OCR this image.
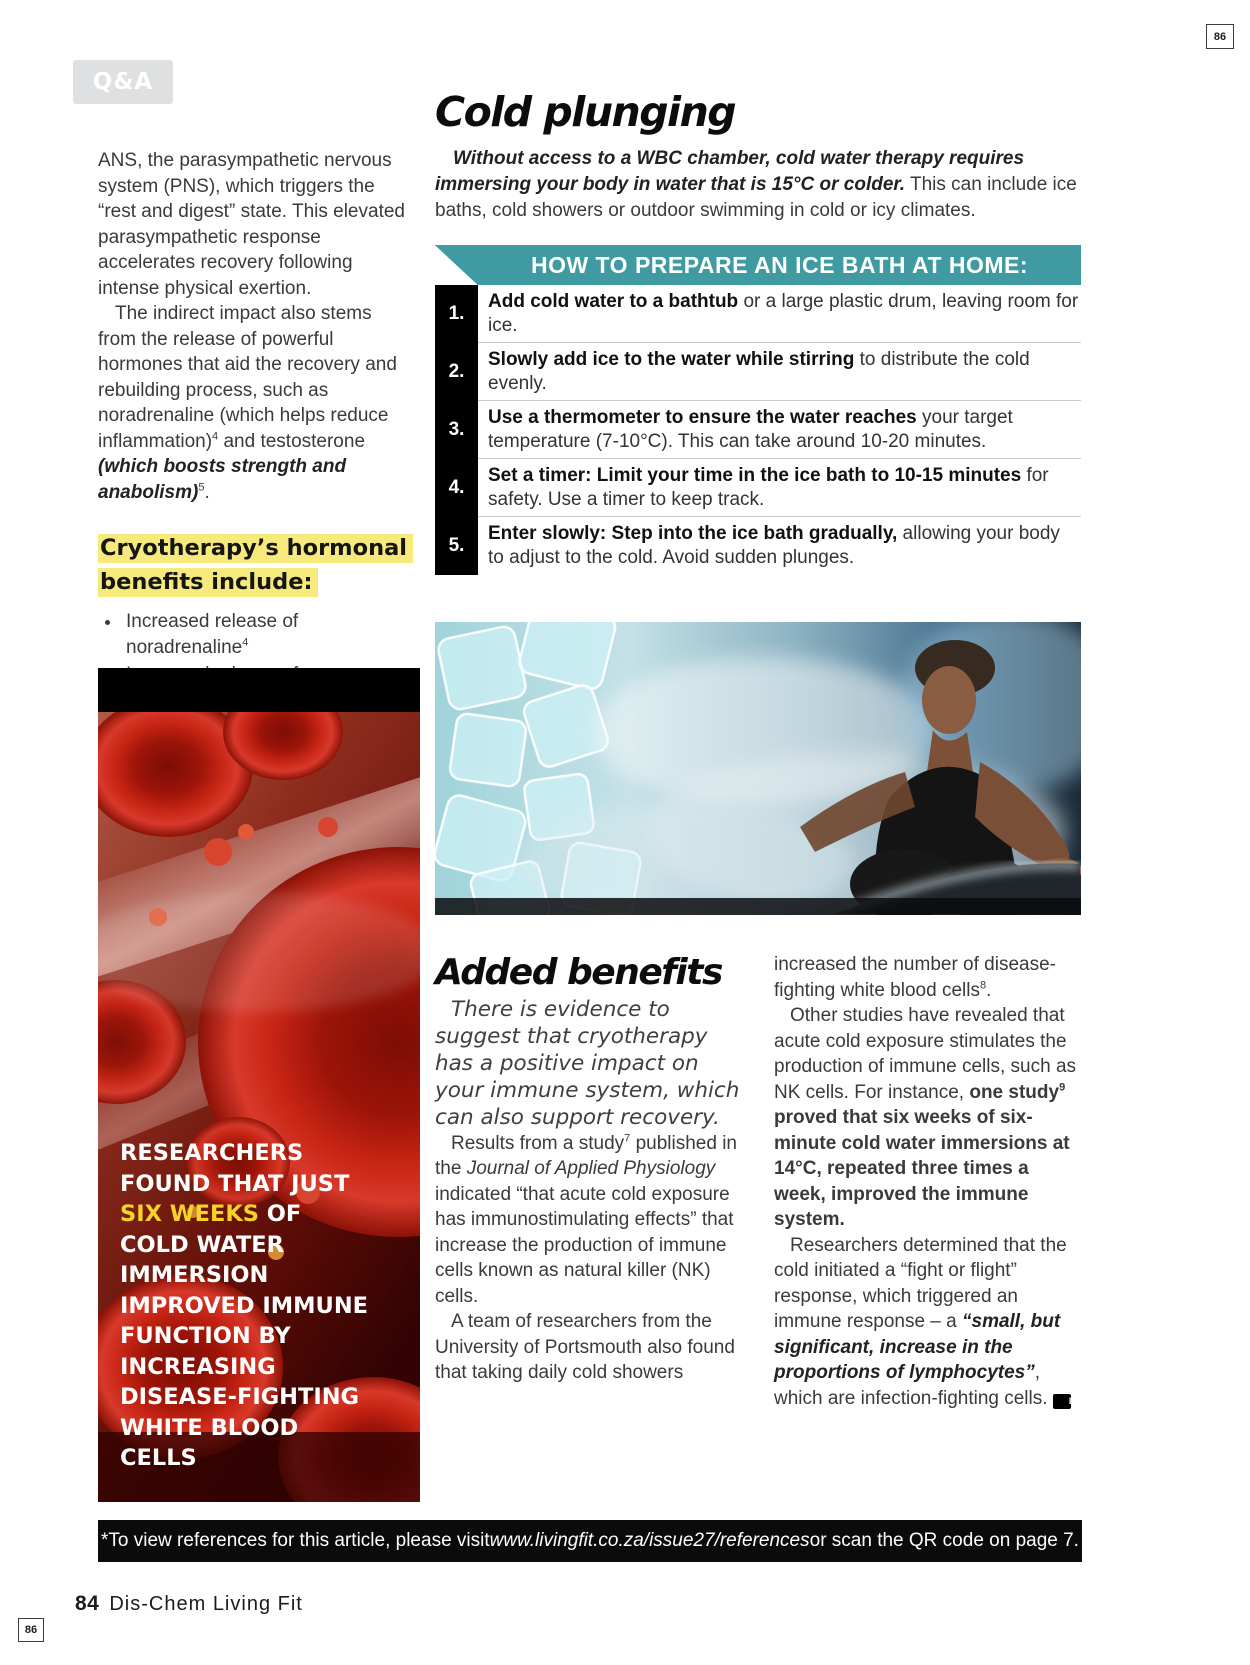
86
86
Q&A

ANS, the parasympathetic nervous system (PNS), which triggers the “rest and digest” state. This elevated parasympathetic response accelerates recovery following intense physical exertion.

The indirect impact also stems from the release of powerful hormones that aid the recovery and rebuilding process, such as noradrenaline (which helps reduce inflammation)$^4$ and testosterone (which boosts strength and anabolism)$^5$.

Cryotherapy’s hormonal
benefits include:
• Increased release of noradrenaline$^4$
•
•
RESEARCHERS FOUND THAT JUST SIX WEEKS OF COLD WATER IMMERSION IMPROVED IMMUNE FUNCTION BY INCREASING DISEASE-FIGHTING WHITE BLOOD CELLS
Cold plunging

Without access to a WBC chamber, cold water therapy requires immersing your body in water that is 15°C or colder. This can include ice baths, cold showers or outdoor swimming in cold or icy climates.

HOW TO PREPARE AN ICE BATH AT HOME:
1.
2.
3.
4.
5.
Add cold water to a bathtub or a large plastic drum, leaving room for ice.
Slowly add ice to the water while stirring to distribute the cold evenly.
Use a thermometer to ensure the water reaches your target temperature (7-10°C). This can take around 10-20 minutes.
Set a timer: Limit your time in the ice bath to 10-15 minutes for safety. Use a timer to keep track.
Enter slowly: Step into the ice bath gradually, allowing your body to adjust to the cold. Avoid sudden plunges.
Added benefits

There is evidence to suggest that cryotherapy has a positive impact on your immune system, which can also support recovery.

Results from a study$^7$ published in the Journal of Applied Physiology indicated “that acute cold exposure has immunostimulating effects” that increase the production of immune cells known as natural killer (NK) cells.

A team of researchers from the University of Portsmouth also found that taking daily cold showers

increased the number of disease-fighting white blood cells$^8$.

Other studies have revealed that acute cold exposure stimulates the production of immune cells, such as NK cells. For instance, one study$^9$ proved that six weeks of six-minute cold water immersions at 14°C, repeated three times a week, improved the immune system.

Researchers determined that the cold initiated a “fight or flight” response, which triggered an immune response – a “small, but significant, increase in the proportions of lymphocytes”, which are infection-fighting cells. LF

*To view references for this article, please visit www.livingfit.co.za/issue27/references or scan the QR code on page 7.
84 Dis-Chem Living Fit
